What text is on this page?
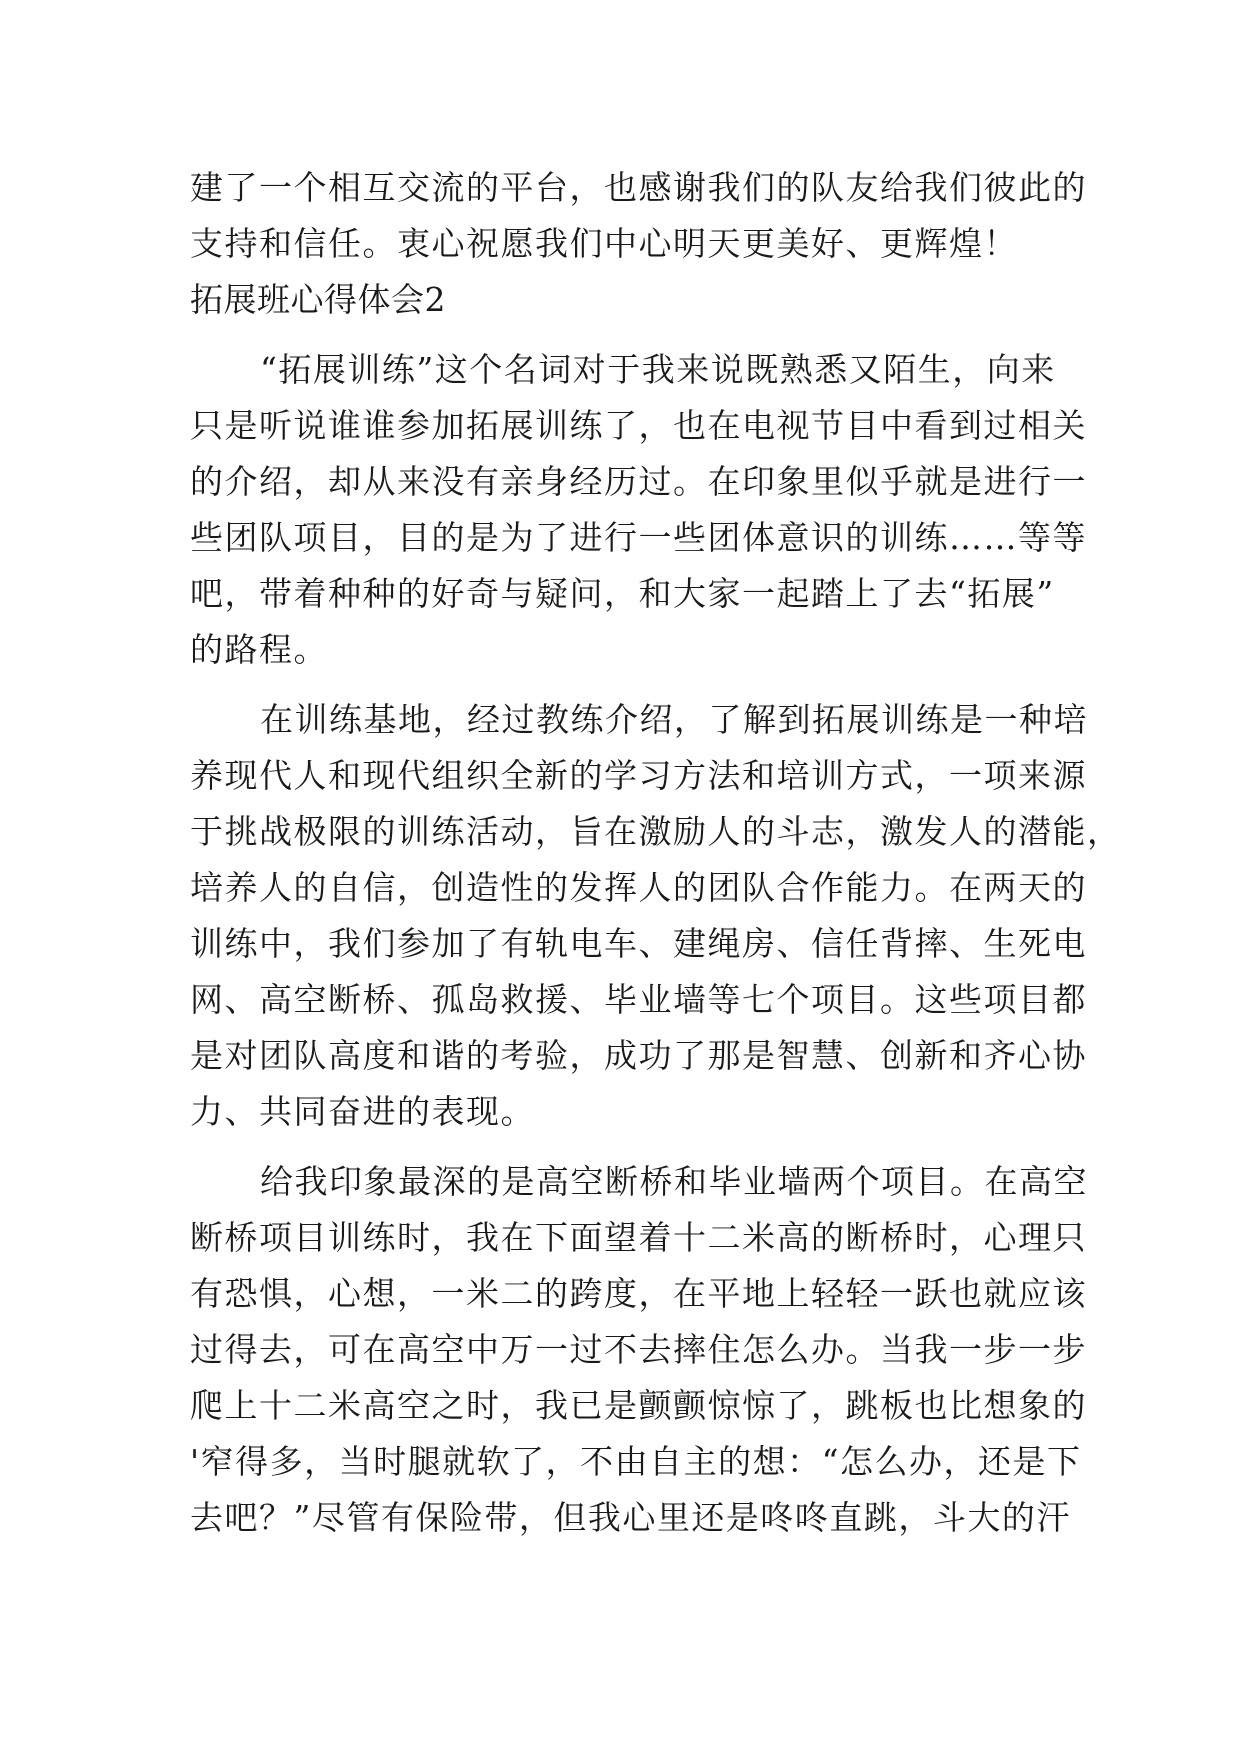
建了一个相互交流的平台，也感谢我们的队友给我们彼此的
支持和信任。衷心祝愿我们中心明天更美好、更辉煌！
拓展班心得体会2
“拓展训练”这个名词对于我来说既熟悉又陌生，向来
只是听说谁谁参加拓展训练了，也在电视节目中看到过相关
的介绍，却从来没有亲身经历过。在印象里似乎就是进行一
些团队项目，目的是为了进行一些团体意识的训练……等等
吧，带着种种的好奇与疑问，和大家一起踏上了去“拓展”
的路程。
在训练基地，经过教练介绍，了解到拓展训练是一种培
养现代人和现代组织全新的学习方法和培训方式，一项来源
于挑战极限的训练活动，旨在激励人的斗志，激发人的潜能，
培养人的自信，创造性的发挥人的团队合作能力。在两天的
训练中，我们参加了有轨电车、建绳房、信任背摔、生死电
网、高空断桥、孤岛救援、毕业墙等七个项目。这些项目都
是对团队高度和谐的考验，成功了那是智慧、创新和齐心协
力、共同奋进的表现。
给我印象最深的是高空断桥和毕业墙两个项目。在高空
断桥项目训练时，我在下面望着十二米高的断桥时，心理只
有恐惧，心想，一米二的跨度，在平地上轻轻一跃也就应该
过得去，可在高空中万一过不去摔住怎么办。当我一步一步
爬上十二米高空之时，我已是颤颤惊惊了，跳板也比想象的
'窄得多，当时腿就软了，不由自主的想：“怎么办，还是下
去吧？”尽管有保险带，但我心里还是咚咚直跳，斗大的汗
